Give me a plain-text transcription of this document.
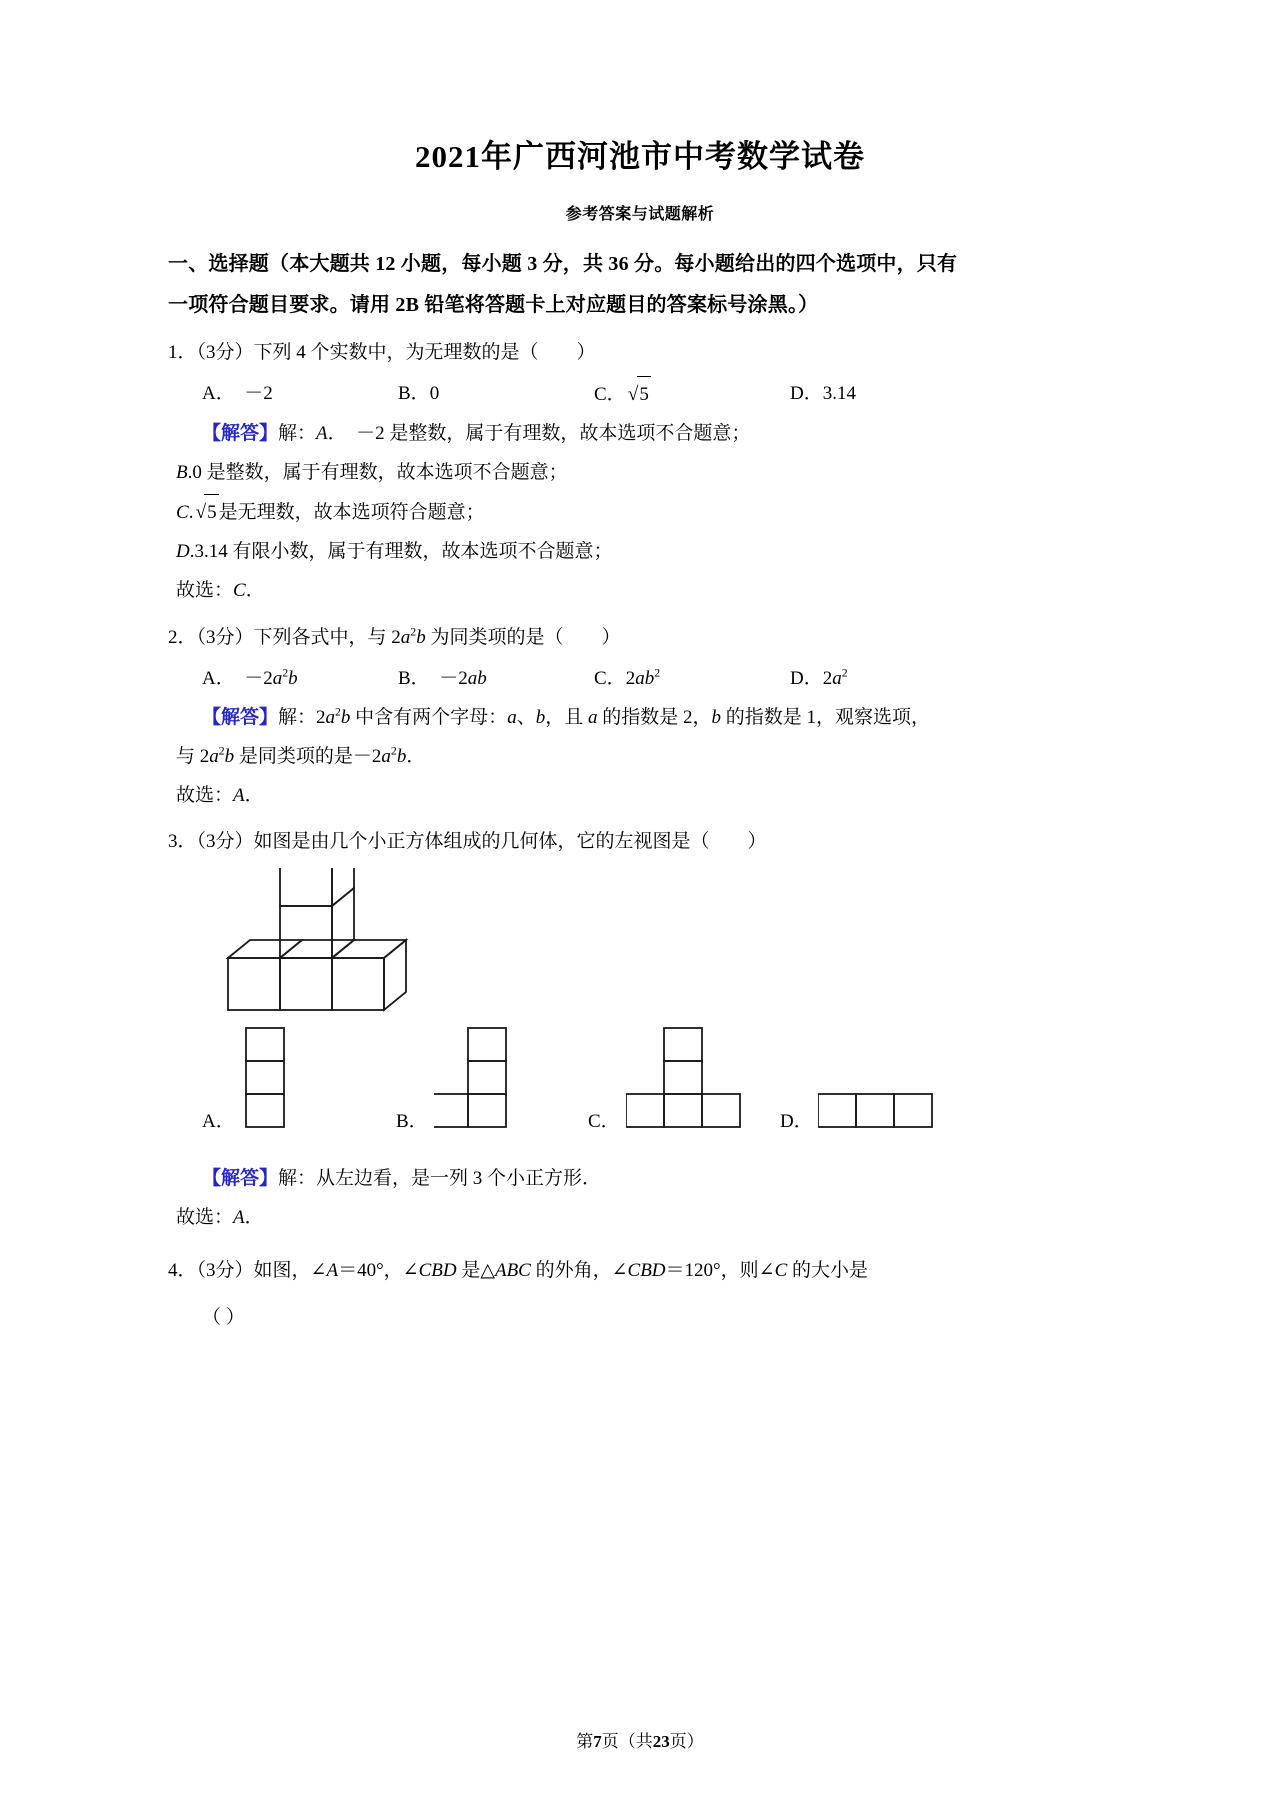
2021年广西河池市中考数学试卷
参考答案与试题解析
一、选择题（本大题共 12 小题，每小题 3 分，共 36 分。每小题给出的四个选项中，只有
一项符合题目要求。请用 2B 铅笔将答题卡上对应题目的答案标号涂黑。）
1．（3分）下列 4 个实数中，为无理数的是（　　）
A．　 －2	B．0	C． √
5	D．3.14
【解答】解：A．　－2 是整数，属于有理数，故本选项不合题意；
B.0 是整数，属于有理数，故本选项不合题意；
C. √
5 是无理数，故本选项符合题意；
D.3.14 有限小数，属于有理数，故本选项不合题意；
故选：C．
2．（3分）下列各式中，与 $2a^2b$ 为同类项的是（　　）
A．　$-2a^2b$	B．　－2ab	C．$2ab^2$	D．$2a^2$
【解答】解：$2a^2b$ 中含有两个字母：a、b，且 a 的指数是 2，b 的指数是 1，观察选项，
与 $2a^2b$ 是同类项的是$-2a^2b$．
故选：A．
3．（3分）如图是由几个小正方体组成的几何体，它的左视图是（　　）
A．	B．	C．	D．
【解答】解：从左边看，是一列 3 个小正方形．
故选：A．
4．（3分）如图，∠A＝40°，∠CBD 是△ABC 的外角，∠CBD＝120°，则∠C 的大小是
（ ）
第7页（共23页）
